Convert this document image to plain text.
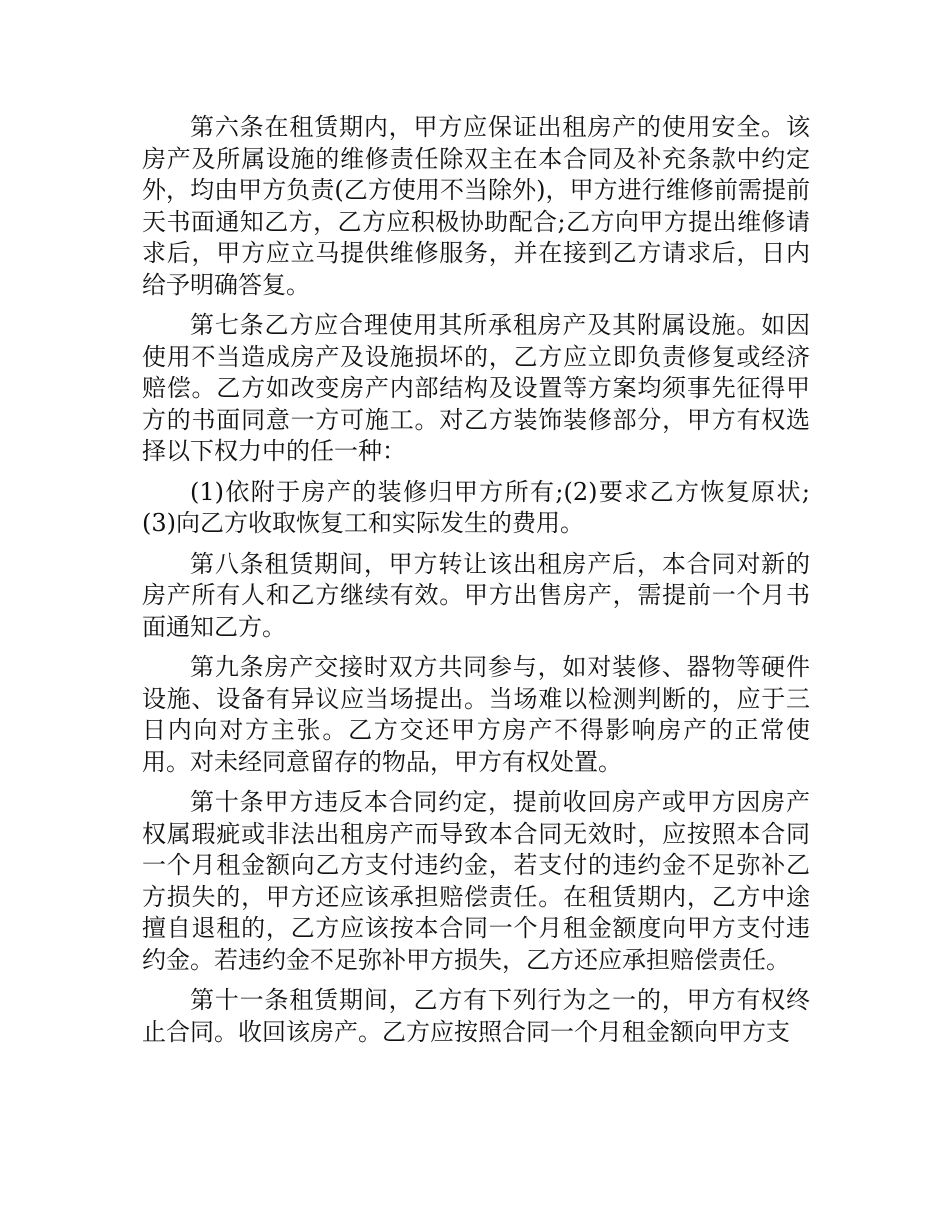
第六条在租赁期内，甲方应保证出租房产的使用安全。该房产及所属设施的维修责任除双主在本合同及补充条款中约定外，均由甲方负责(乙方使用不当除外)，甲方进行维修前需提前天书面通知乙方，乙方应积极协助配合;乙方向甲方提出维修请求后，甲方应立马提供维修服务，并在接到乙方请求后，日内给予明确答复。

第七条乙方应合理使用其所承租房产及其附属设施。如因使用不当造成房产及设施损坏的，乙方应立即负责修复或经济赔偿。乙方如改变房产内部结构及设置等方案均须事先征得甲方的书面同意一方可施工。对乙方装饰装修部分，甲方有权选择以下权力中的任一种：

(1)依附于房产的装修归甲方所有;(2)要求乙方恢复原状;(3)向乙方收取恢复工和实际发生的费用。

第八条租赁期间，甲方转让该出租房产后，本合同对新的房产所有人和乙方继续有效。甲方出售房产，需提前一个月书面通知乙方。

第九条房产交接时双方共同参与，如对装修、器物等硬件设施、设备有异议应当场提出。当场难以检测判断的，应于三日内向对方主张。乙方交还甲方房产不得影响房产的正常使用。对未经同意留存的物品，甲方有权处置。

第十条甲方违反本合同约定，提前收回房产或甲方因房产权属瑕疵或非法出租房产而导致本合同无效时，应按照本合同一个月租金额向乙方支付违约金，若支付的违约金不足弥补乙方损失的，甲方还应该承担赔偿责任。在租赁期内，乙方中途擅自退租的，乙方应该按本合同一个月租金额度向甲方支付违约金。若违约金不足弥补甲方损失，乙方还应承担赔偿责任。

第十一条租赁期间，乙方有下列行为之一的，甲方有权终止合同。收回该房产。乙方应按照合同一个月租金额向甲方支
